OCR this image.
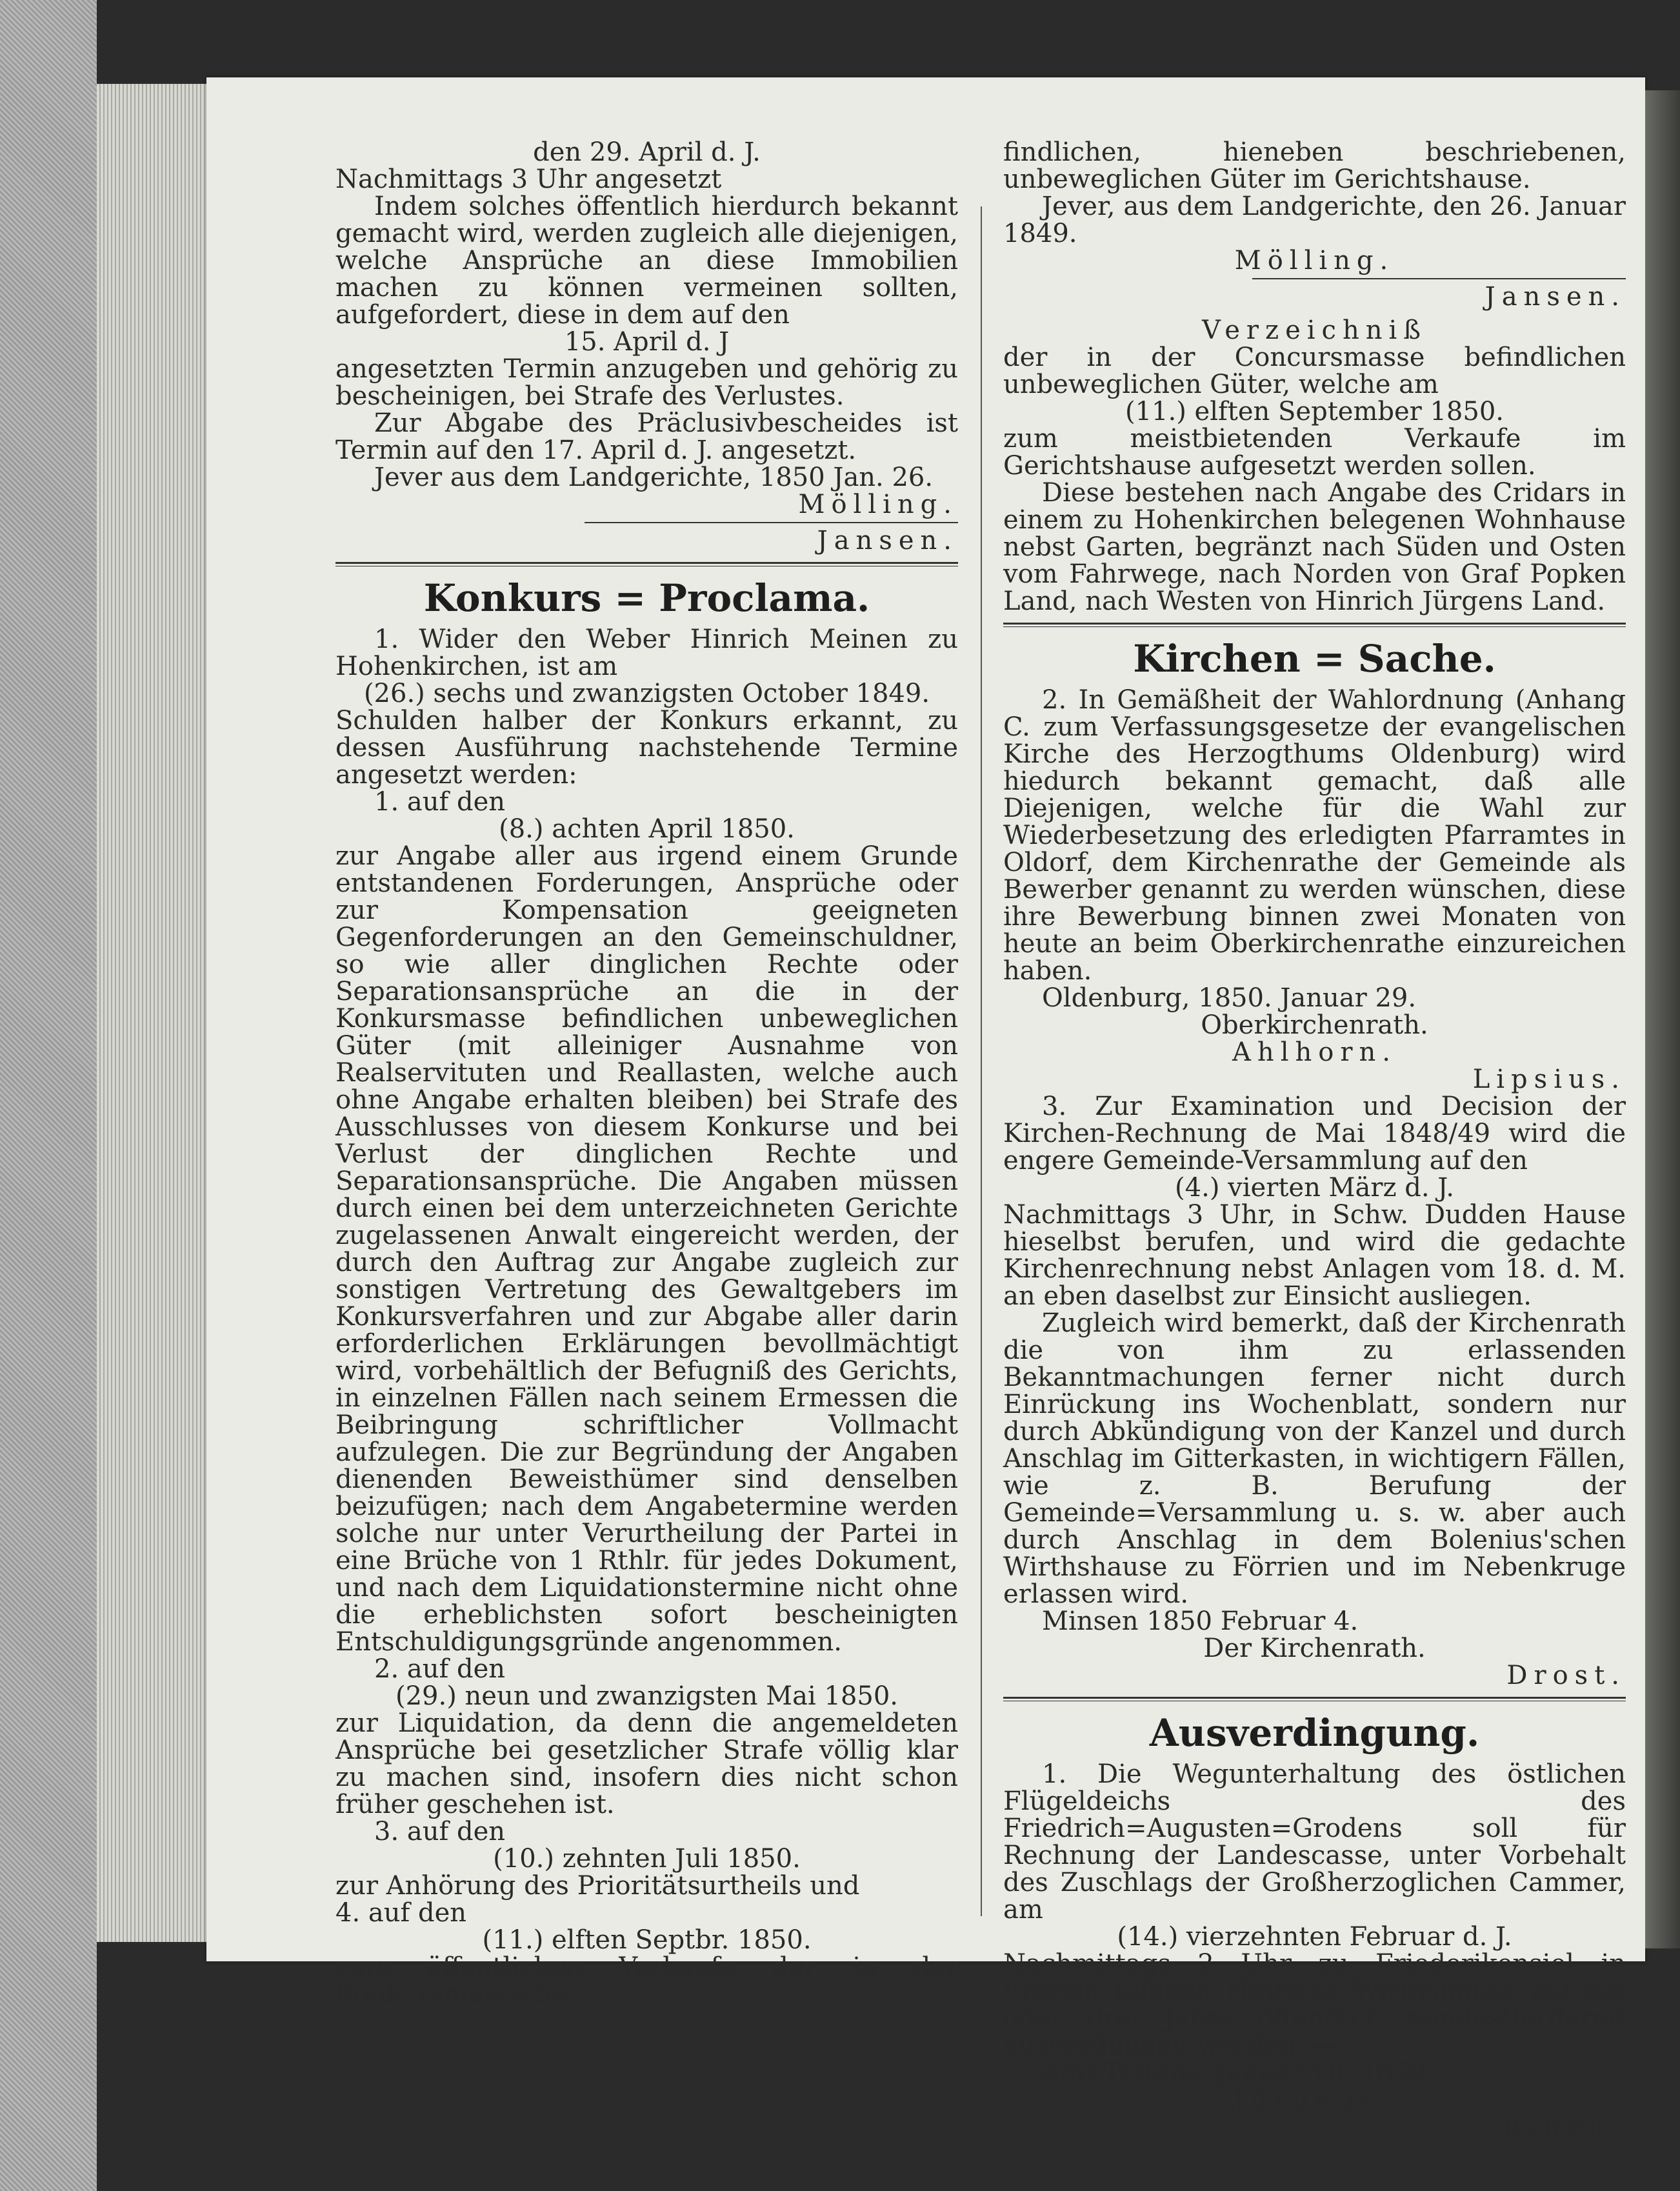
den 29. April d. J.

Nachmittags 3 Uhr angesetzt

Indem solches öffentlich hierdurch bekannt gemacht wird, werden zugleich alle diejenigen, welche Ansprüche an diese Immobilien machen zu können vermeinen sollten, aufgefordert, diese in dem auf den

15. April d. J

angesetzten Termin anzugeben und gehörig zu bescheinigen, bei Strafe des Verlustes.

Zur Abgabe des Präclusivbescheides ist Termin auf den 17. April d. J. angesetzt.

Jever aus dem Landgerichte, 1850 Jan. 26.

Mölling.

Jansen.

Konkurs = Proclama.

1. Wider den Weber Hinrich Meinen zu Hohenkirchen, ist am

(26.) sechs und zwanzigsten October 1849.

Schulden halber der Konkurs erkannt, zu dessen Ausführung nachstehende Termine angesetzt werden:

1. auf den

(8.) achten April 1850.

zur Angabe aller aus irgend einem Grunde entstandenen Forderungen, Ansprüche oder zur Kompensation geeigneten Gegenforderungen an den Gemeinschuldner, so wie aller dinglichen Rechte oder Separationsansprüche an die in der Konkursmasse befindlichen unbeweglichen Güter (mit alleiniger Ausnahme von Realservituten und Reallasten, welche auch ohne Angabe erhalten bleiben) bei Strafe des Ausschlusses von diesem Konkurse und bei Verlust der dinglichen Rechte und Separationsansprüche. Die Angaben müssen durch einen bei dem unterzeichneten Gerichte zugelassenen Anwalt eingereicht werden, der durch den Auftrag zur Angabe zugleich zur sonstigen Vertretung des Gewaltgebers im Konkursverfahren und zur Abgabe aller darin erforderlichen Erklärungen bevollmächtigt wird, vorbehältlich der Befugniß des Gerichts, in einzelnen Fällen nach seinem Ermessen die Beibringung schriftlicher Vollmacht aufzulegen. Die zur Begründung der Angaben dienenden Beweisthümer sind denselben beizufügen; nach dem Angabetermine werden solche nur unter Verurtheilung der Partei in eine Brüche von 1 Rthlr. für jedes Dokument, und nach dem Liquidationstermine nicht ohne die erheblichsten sofort bescheinigten Entschuldigungsgründe angenommen.

2. auf den

(29.) neun und zwanzigsten Mai 1850.

zur Liquidation, da denn die angemeldeten Ansprüche bei gesetzlicher Strafe völlig klar zu machen sind, insofern dies nicht schon früher geschehen ist.

3. auf den

(10.) zehnten Juli 1850.

zur Anhörung des Prioritätsurtheils und

4. auf den

(11.) elften Septbr. 1850.

zum öffentlichen Verkaufe der in der Konkursmasse be-

findlichen, hieneben beschriebenen, unbeweglichen Güter im Gerichtshause.

Jever, aus dem Landgerichte, den 26. Januar 1849.

Mölling.

Jansen.

Verzeichniß

der in der Concursmasse befindlichen unbeweglichen Güter, welche am

(11.) elften September 1850.

zum meistbietenden Verkaufe im Gerichtshause aufgesetzt werden sollen.

Diese bestehen nach Angabe des Cridars in einem zu Hohenkirchen belegenen Wohnhause nebst Garten, begränzt nach Süden und Osten vom Fahrwege, nach Norden von Graf Popken Land, nach Westen von Hinrich Jürgens Land.

Kirchen = Sache.

2. In Gemäßheit der Wahlordnung (Anhang C. zum Verfassungsgesetze der evangelischen Kirche des Herzogthums Oldenburg) wird hiedurch bekannt gemacht, daß alle Diejenigen, welche für die Wahl zur Wiederbesetzung des erledigten Pfarramtes in Oldorf, dem Kirchenrathe der Gemeinde als Bewerber genannt zu werden wünschen, diese ihre Bewerbung binnen zwei Monaten von heute an beim Oberkirchenrathe einzureichen haben.

Oldenburg, 1850. Januar 29.

Oberkirchenrath.

Ahlhorn.

Lipsius.

3. Zur Examination und Decision der Kirchen-Rechnung de Mai 1848/49 wird die engere Gemeinde-Versammlung auf den

(4.) vierten März d. J.

Nachmittags 3 Uhr, in Schw. Dudden Hause hieselbst berufen, und wird die gedachte Kirchenrechnung nebst Anlagen vom 18. d. M. an eben daselbst zur Einsicht ausliegen.

Zugleich wird bemerkt, daß der Kirchenrath die von ihm zu erlassenden Bekanntmachungen ferner nicht durch Einrückung ins Wochenblatt, sondern nur durch Abkündigung von der Kanzel und durch Anschlag im Gitterkasten, in wichtigern Fällen, wie z. B. Berufung der Gemeinde=Versammlung u. s. w. aber auch durch Anschlag in dem Bolenius'schen Wirthshause zu Förrien und im Nebenkruge erlassen wird.

Minsen 1850 Februar 4.

Der Kirchenrath.

Drost.

Ausverdingung.

1. Die Wegunterhaltung des östlichen Flügeldeichs des Friedrich=Augusten=Grodens soll für Rechnung der Landescasse, unter Vorbehalt des Zuschlags der Großherzoglichen Cammer, am

(14.) vierzehnten Februar d. J.

Nachmittags 2 Uhr zu Friederikensiel in Frerich Lübben Hinrichs Wirthshause auf ein oder drei Jahre öffentlich mindestfordernd ausverdungen werden. —

Amt Tettens, Januar 18. 1850.

Jürgens.

Eiben.
